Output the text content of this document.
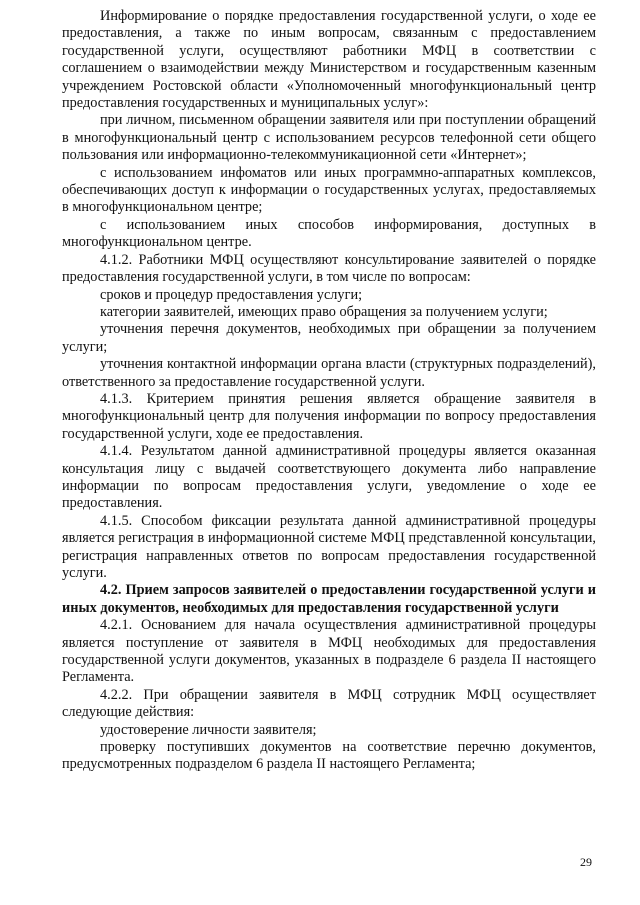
Информирование о порядке предоставления государственной услуги, о ходе ее предоставления, а также по иным вопросам, связанным с предоставлением государственной услуги, осуществляют работники МФЦ в соответствии с соглашением о взаимодействии между Министерством и государственным казенным учреждением Ростовской области «Уполномоченный многофункциональный центр предоставления государственных и муниципальных услуг»:

при личном, письменном обращении заявителя или при поступлении обращений в многофункциональный центр с использованием ресурсов телефонной сети общего пользования или информационно-телекоммуникационной сети «Интернет»;

с использованием инфоматов или иных программно-аппаратных комплексов, обеспечивающих доступ к информации о государственных услугах, предоставляемых в многофункциональном центре;

с использованием иных способов информирования, доступных в многофункциональном центре.

4.1.2. Работники МФЦ осуществляют консультирование заявителей о порядке предоставления государственной услуги, в том числе по вопросам:

сроков и процедур предоставления услуги;

категории заявителей, имеющих право обращения за получением услуги;

уточнения перечня документов, необходимых при обращении за получением услуги;

уточнения контактной информации органа власти (структурных подразделений), ответственного за предоставление государственной услуги.

4.1.3. Критерием принятия решения является обращение заявителя в многофункциональный центр для получения информации по вопросу предоставления государственной услуги, ходе ее предоставления.

4.1.4. Результатом данной административной процедуры является оказанная консультация лицу с выдачей соответствующего документа либо направление информации по вопросам предоставления услуги, уведомление о ходе ее предоставления.

4.1.5. Способом фиксации результата данной административной процедуры является регистрация в информационной системе МФЦ представленной консультации, регистрация направленных ответов по вопросам предоставления государственной услуги.

4.2. Прием запросов заявителей о предоставлении государственной услуги и иных документов, необходимых для предоставления государственной услуги

4.2.1. Основанием для начала осуществления административной процедуры является поступление от заявителя в МФЦ необходимых для предоставления государственной услуги документов, указанных в подразделе 6 раздела II настоящего Регламента.

4.2.2. При обращении заявителя в МФЦ сотрудник МФЦ осуществляет следующие действия:

удостоверение личности заявителя;

проверку поступивших документов на соответствие перечню документов, предусмотренных подразделом 6 раздела II настоящего Регламента;

29
